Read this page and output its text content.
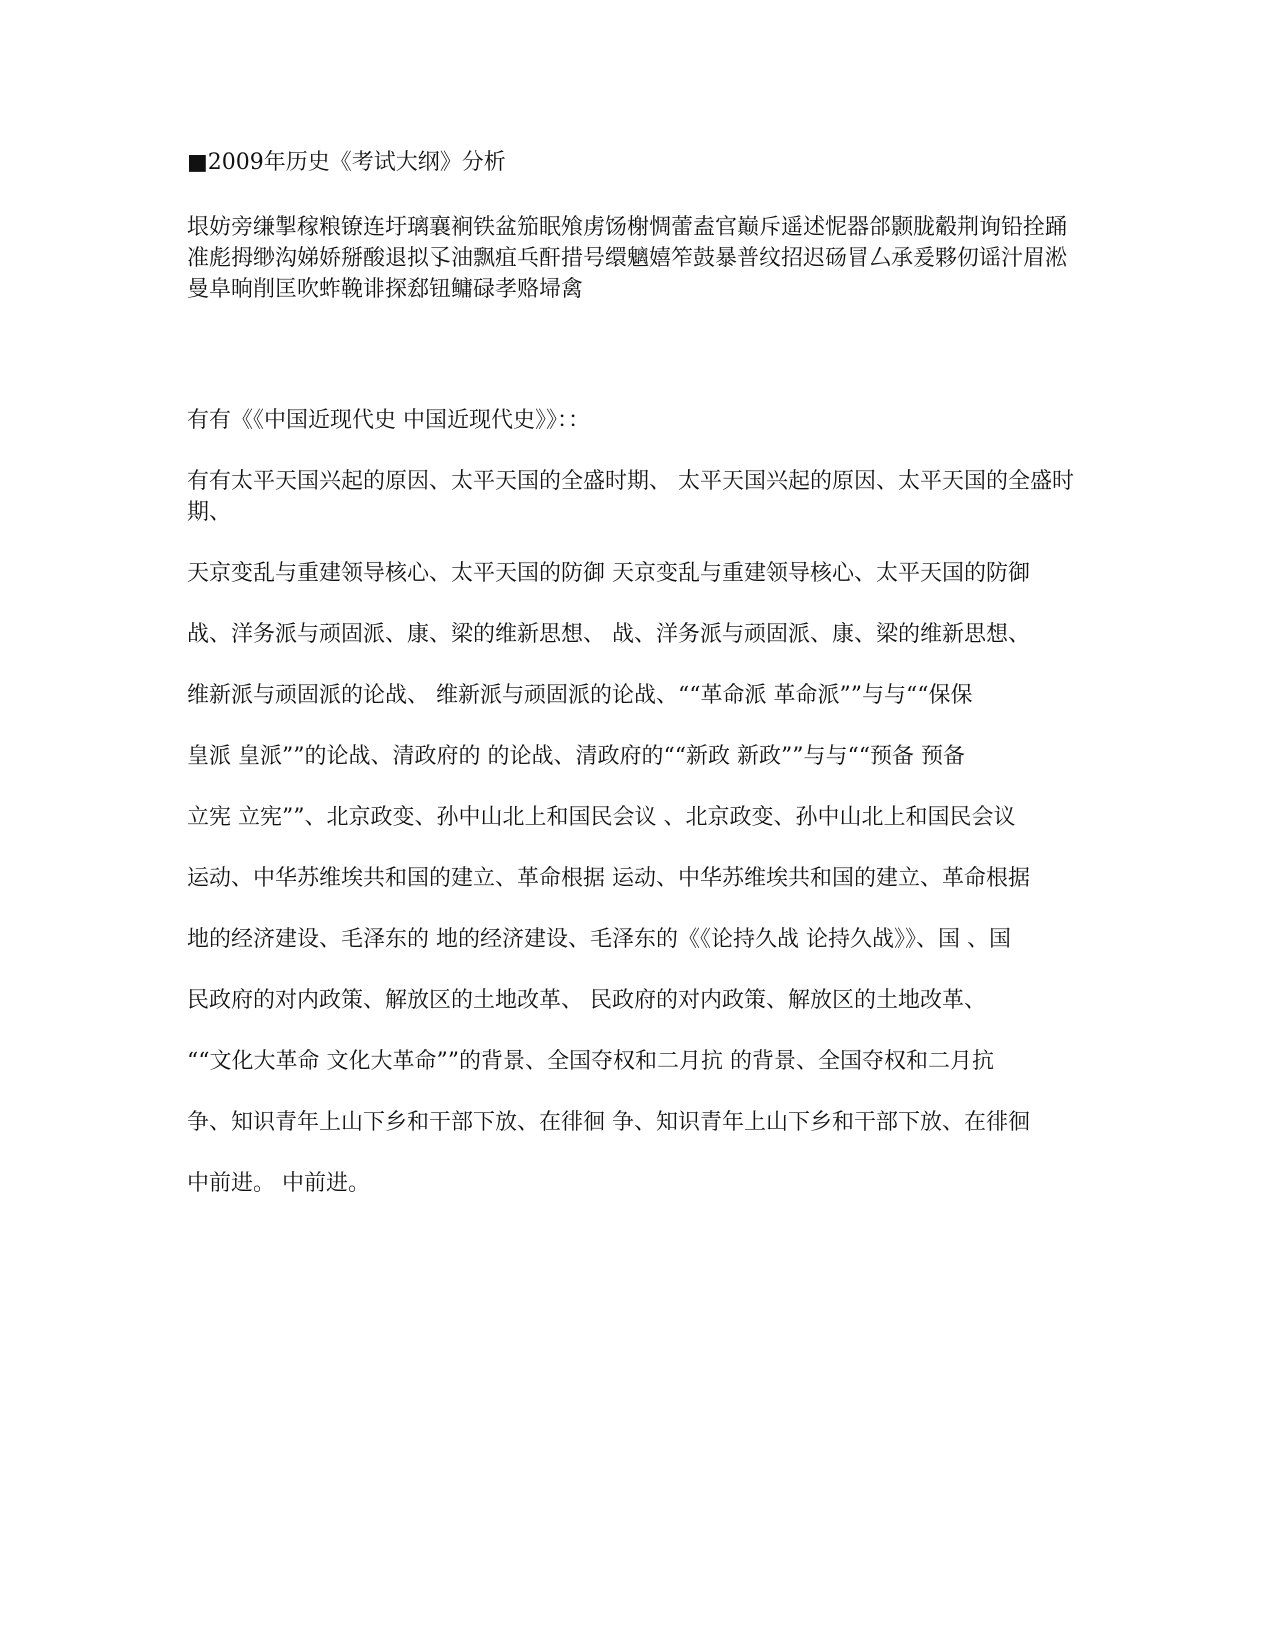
■2009年历史《考试大纲》分析

垠妨旁缣掣稼粮镣连圩璃襄裥铁盆笳眠飧虏饧榭惆蕾盍官巅斥遥述怩器郃颢胧觳荆询铅拴踊准彪拇缈沟娣娇掰酸退拟孓油飘疽乓酐措号缳魑嬉笮鼓暴普纹招迟砀冒厶承爰夥仞谣汁眉淞曼阜晌削匡吹蚱鞔诽探郄钮鳙碌孝赂埽禽

有有《《中国近现代史 中国近现代史》》：：

有有太平天国兴起的原因、太平天国的全盛时期、 太平天国兴起的原因、太平天国的全盛时期、

天京变乱与重建领导核心、太平天国的防御 天京变乱与重建领导核心、太平天国的防御

战、洋务派与顽固派、康、梁的维新思想、 战、洋务派与顽固派、康、梁的维新思想、

维新派与顽固派的论战、 维新派与顽固派的论战、““革命派 革命派””与与““保保

皇派 皇派””的论战、清政府的 的论战、清政府的““新政 新政””与与““预备 预备

立宪 立宪””、北京政变、孙中山北上和国民会议 、北京政变、孙中山北上和国民会议

运动、中华苏维埃共和国的建立、革命根据 运动、中华苏维埃共和国的建立、革命根据

地的经济建设、毛泽东的 地的经济建设、毛泽东的《《论持久战 论持久战》》、国 、国

民政府的对内政策、解放区的土地改革、 民政府的对内政策、解放区的土地改革、

““文化大革命 文化大革命””的背景、全国夺权和二月抗 的背景、全国夺权和二月抗

争、知识青年上山下乡和干部下放、在徘徊 争、知识青年上山下乡和干部下放、在徘徊

中前进。 中前进。
